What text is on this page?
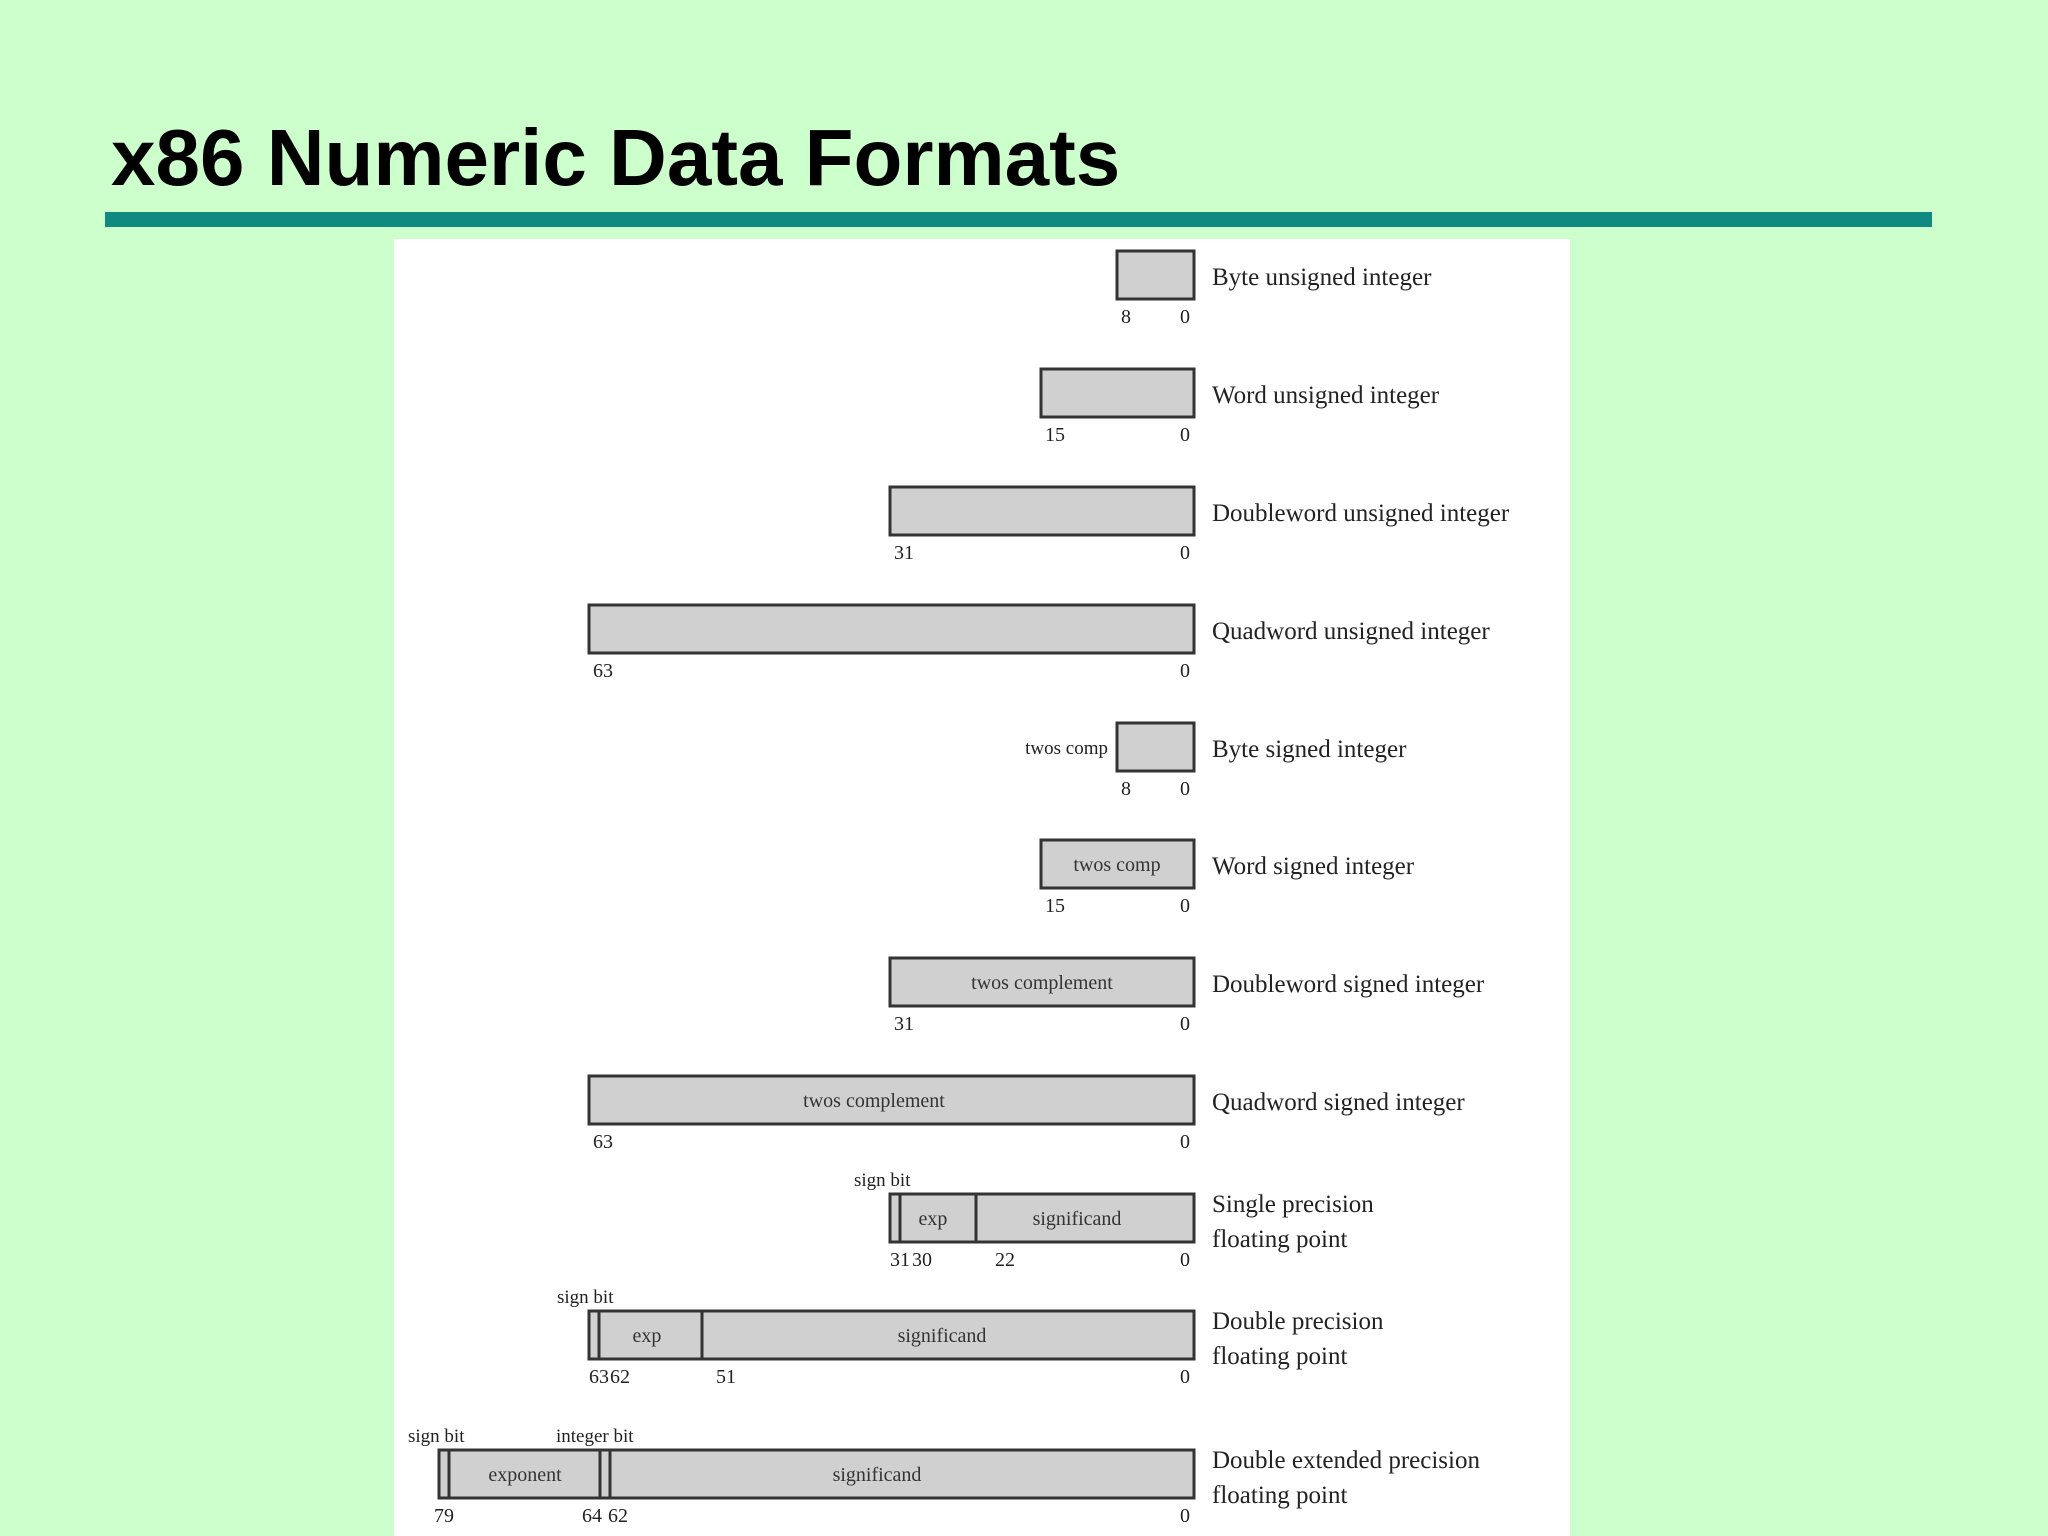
x86 Numeric Data Formats
8 0
Byte unsigned integer
15	0
Word unsigned integer
31	0
Doubleword unsigned integer
63	0
Quadword unsigned integer
twos comp
8 0
Byte signed integer
twos comp
15	0
Word signed integer
twos complement
31	0
Doubleword signed integer
twos complement
63	0
Quadword signed integer
exp	significand
sign bit
31 30	22	0
Single precision
floating point
exp	significand
sign bit
63 62	51	0
Double precision
floating point
exponent	significand
sign bit	integer bit
79	64 62	0
Double extended precision
floating point
